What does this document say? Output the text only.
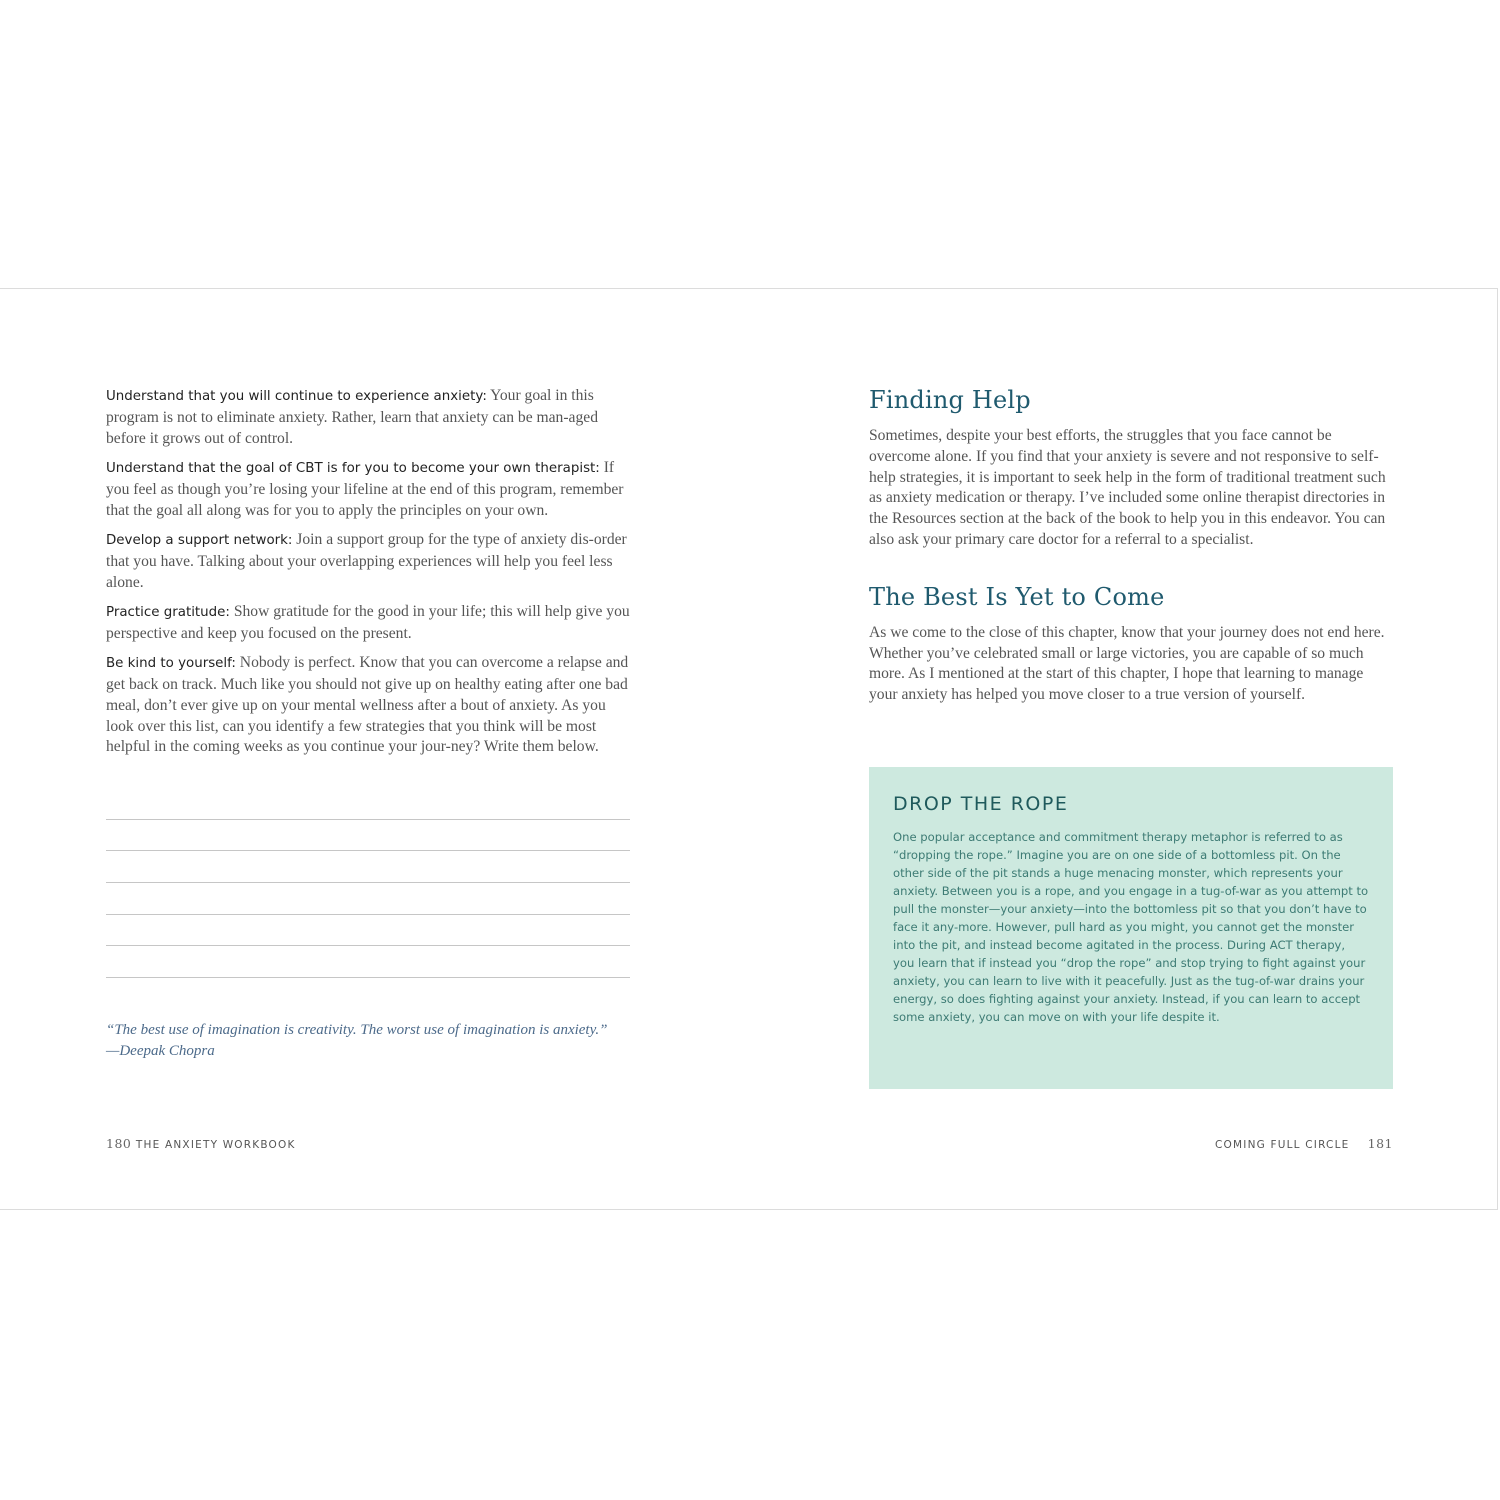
Understand that you will continue to experience anxiety: Your goal in this program is not to eliminate anxiety. Rather, learn that anxiety can be man-aged before it grows out of control.

Understand that the goal of CBT is for you to become your own therapist: If you feel as though you’re losing your lifeline at the end of this program, remember that the goal all along was for you to apply the principles on your own.

Develop a support network: Join a support group for the type of anxiety dis-order that you have. Talking about your overlapping experiences will help you feel less alone.

Practice gratitude: Show gratitude for the good in your life; this will help give you perspective and keep you focused on the present.

Be kind to yourself: Nobody is perfect. Know that you can overcome a relapse and get back on track. Much like you should not give up on healthy eating after one bad meal, don’t ever give up on your mental wellness after a bout of anxiety. As you look over this list, can you identify a few strategies that you think will be most helpful in the coming weeks as you continue your jour-ney? Write them below.

“The best use of imagination is creativity. The worst use of imagination is anxiety.”
—Deepak Chopra
180 THE ANXIETY WORKBOOK
Finding Help

Sometimes, despite your best efforts, the struggles that you face cannot be overcome alone. If you find that your anxiety is severe and not responsive to self-help strategies, it is important to seek help in the form of traditional treatment such as anxiety medication or therapy. I’ve included some online therapist directories in the Resources section at the back of the book to help you in this endeavor. You can also ask your primary care doctor for a referral to a specialist.

The Best Is Yet to Come

As we come to the close of this chapter, know that your journey does not end here. Whether you’ve celebrated small or large victories, you are capable of so much more. As I mentioned at the start of this chapter, I hope that learning to manage your anxiety has helped you move closer to a true version of yourself.

DROP THE ROPE
One popular acceptance and commitment therapy metaphor is referred to as “dropping the rope.” Imagine you are on one side of a bottomless pit. On the other side of the pit stands a huge menacing monster, which represents your anxiety. Between you is a rope, and you engage in a tug-of-war as you attempt to pull the monster—your anxiety—into the bottomless pit so that you don’t have to face it any-more. However, pull hard as you might, you cannot get the monster into the pit, and instead become agitated in the process. During ACT therapy, you learn that if instead you “drop the rope” and stop trying to fight against your anxiety, you can learn to live with it peacefully. Just as the tug-of-war drains your energy, so does fighting against your anxiety. Instead, if you can learn to accept some anxiety, you can move on with your life despite it.
COMING FULL CIRCLE 181
